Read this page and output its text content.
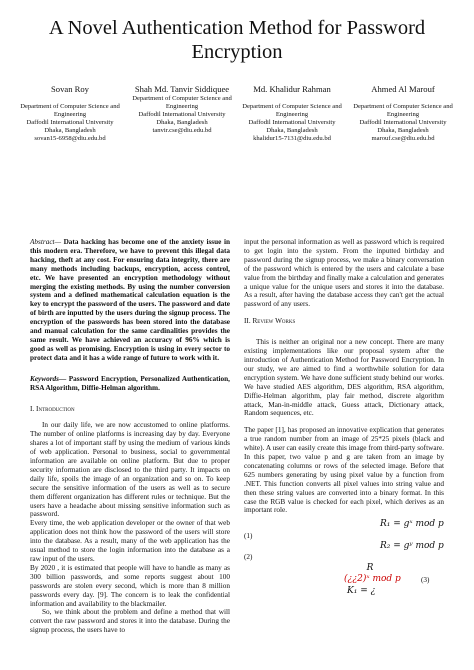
A Novel Authentication Method for Password Encryption
Sovan Roy
Department of Computer Science and Engineering
Daffodil International University
Dhaka, Bangladesh
sovan15-6958@diu.edu.bd
Shah Md. Tanvir Siddiquee
Department of Computer Science and Engineering
Daffodil International University
Dhaka, Bangladesh
tanvir.cse@diu.edu.bd
Md. Khalidur Rahman
Department of Computer Science and Engineering
Daffodil International University
Dhaka, Bangladesh
khalidur15-7131@diu.edu.bd
Ahmed Al Marouf
Department of Computer Science and Engineering
Daffodil International University
Dhaka, Bangladesh
marouf.cse@diu.edu.bd

Abstract— Data hacking has become one of the anxiety issue in this modern era. Therefore, we have to prevent this illegal data hacking, theft at any cost. For ensuring data integrity, there are many methods including backups, encryption, access control, etc. We have presented an encryption methodology without merging the existing methods. By using the number conversion system and a defined mathematical calculation equation is the key to encrypt the password of the users. The password and date of birth are inputted by the users during the signup process. The encryption of the passwords has been stored into the database and manual calculation for the same cardinalities provides the same result. We have achieved an accuracy of 96% which is good as well as promising. Encryption is using in every sector to protect data and it has a wide range of future to work with it.

Keywords— Password Encryption, Personalized Authentication, RSA Algorithm, Diffie-Helman algorithm.

I. Introduction

In our daily life, we are now accustomed to online platforms. The number of online platforms is increasing day by day. Everyone shares a lot of important staff by using the medium of various kinds of web application. Personal to business, social to governmental information are available on online platform. But due to proper security information are disclosed to the third party. It impacts on daily life, spoils the image of an organization and so on. To keep secure the sensitive information of the users as well as to secure them different organization has different rules or technique. But the users have a headache about missing sensitive information such as password.

Every time, the web application developer or the owner of that web application does not think how the password of the users will store into the database. As a result, many of the web application has the usual method to store the login information into the database as a raw input of the users.

By 2020 , it is estimated that people will have to handle as many as 300 billion passwords, and some reports suggest about 100 passwords are stolen every second, which is more than 8 million passwords every day. [9]. The concern is to leak the confidential information and availability to the blackmailer.

So, we think about the problem and define a method that will convert the raw password and stores it into the database. During the signup process, the users have to

input the personal information as well as password which is required to get login into the system. From the inputted birthday and password during the signup process, we make a binary conversation of the password which is entered by the users and calculate a base value from the birthday and finally make a calculation and generates a unique value for the unique users and stores it into the database. As a result, after having the database access they can't get the actual password of any users.

II. Review Works

This is neither an original nor a new concept. There are many existing implementations like our proposal system after the introduction of Authentication Method for Password Encryption. In our study, we are aimed to find a worthwhile solution for data encryption system. We have done sufficient study behind our works. We have studied AES algorithm, DES algorithm, RSA algorithm, Diffie-Helman algorithm, play fair method, discrete algorithm attack, Man-in-middle attack, Guess attack, Dictionary attack, Random sequences, etc.

The paper [1], has proposed an innovative explication that generates a true random number from an image of 25*25 pixels (black and white). A user can easily create this image from third-party software. In this paper, two value p and g are taken from an image by concatenating columns or rows of the selected image. Before that 625 numbers generating by using pixel value by a function from .NET. This function converts all pixel values into string value and then these string values are converted into a binary format. In this case the RGB value is checked for each pixel, which derives as an important role.

R₁ = gˣ mod p
(1)
R₂ = gʸ mod p
(2)
R
(¿¿2)ˣ mod p	(3)
K₁ = ¿
